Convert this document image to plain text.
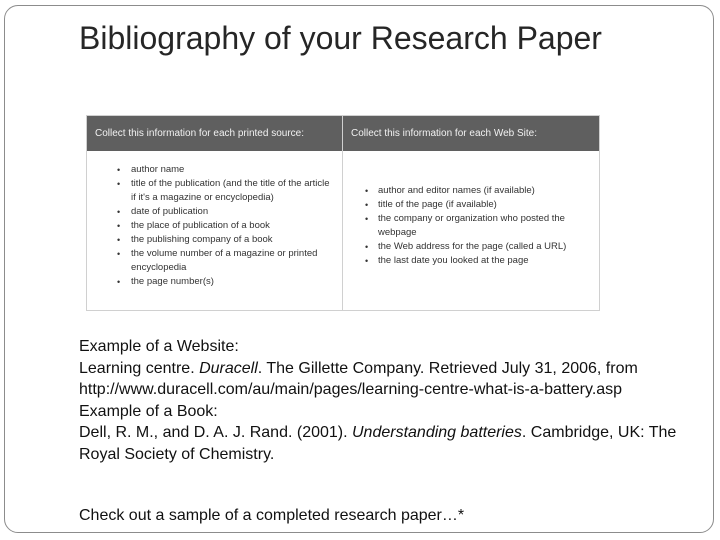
Bibliography of your Research Paper
Collect this information for each printed source:
• author name
• title of the publication (and the title of the article if it's a magazine or encyclopedia)
• date of publication
• the place of publication of a book
• the publishing company of a book
• the volume number of a magazine or printed encyclopedia
• the page number(s)
Collect this information for each Web Site:
• author and editor names (if available)
• title of the page (if available)
• the company or organization who posted the webpage
• the Web address for the page (called a URL)
• the last date you looked at the page

Example of a Website:

Learning centre. Duracell. The Gillette Company. Retrieved July 31, 2006, from http://www.duracell.com/au/main/pages/learning-centre-what-is-a-battery.asp

Example of a Book:

Dell, R. M., and D. A. J. Rand. (2001). Understanding batteries. Cambridge, UK: The Royal Society of Chemistry.

Check out a sample of a completed research paper…*
